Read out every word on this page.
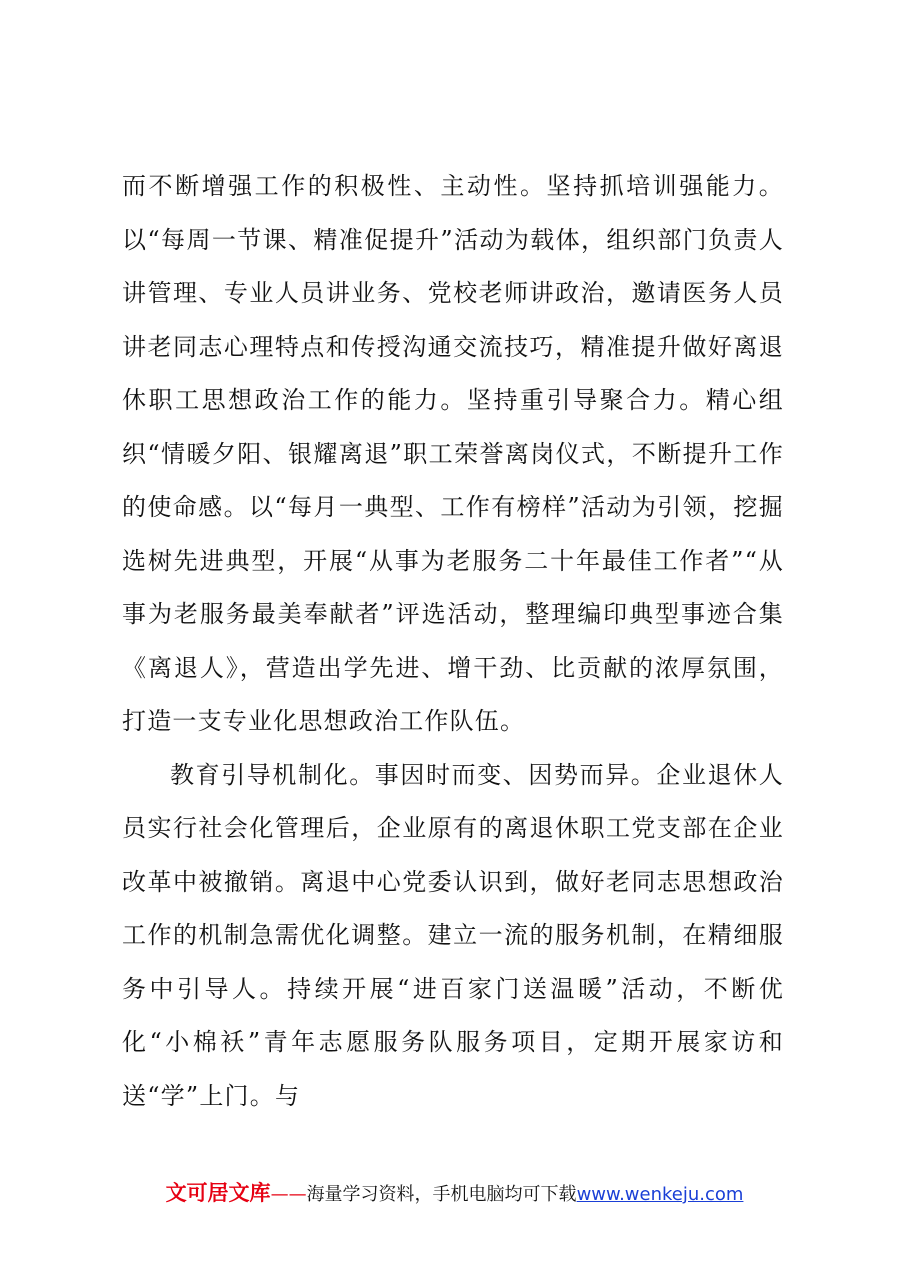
而不断增强工作的积极性、主动性。坚持抓培训强能力。以“每周一节课、精准促提升”活动为载体，组织部门负责人讲管理、专业人员讲业务、党校老师讲政治，邀请医务人员讲老同志心理特点和传授沟通交流技巧，精准提升做好离退休职工思想政治工作的能力。坚持重引导聚合力。精心组织“情暖夕阳、银耀离退”职工荣誉离岗仪式，不断提升工作的使命感。以“每月一典型、工作有榜样”活动为引领，挖掘选树先进典型，开展“从事为老服务二十年最佳工作者”“从事为老服务最美奉献者”评选活动，整理编印典型事迹合集《离退人》，营造出学先进、增干劲、比贡献的浓厚氛围，打造一支专业化思想政治工作队伍。

教育引导机制化。事因时而变、因势而异。企业退休人员实行社会化管理后，企业原有的离退休职工党支部在企业改革中被撤销。离退中心党委认识到，做好老同志思想政治工作的机制急需优化调整。建立一流的服务机制，在精细服务中引导人。持续开展“进百家门送温暖”活动，不断优化“小棉袄”青年志愿服务队服务项目，定期开展家访和送“学”上门。与

文可居文库——海量学习资料，手机电脑均可下载www.wenkeju.com
